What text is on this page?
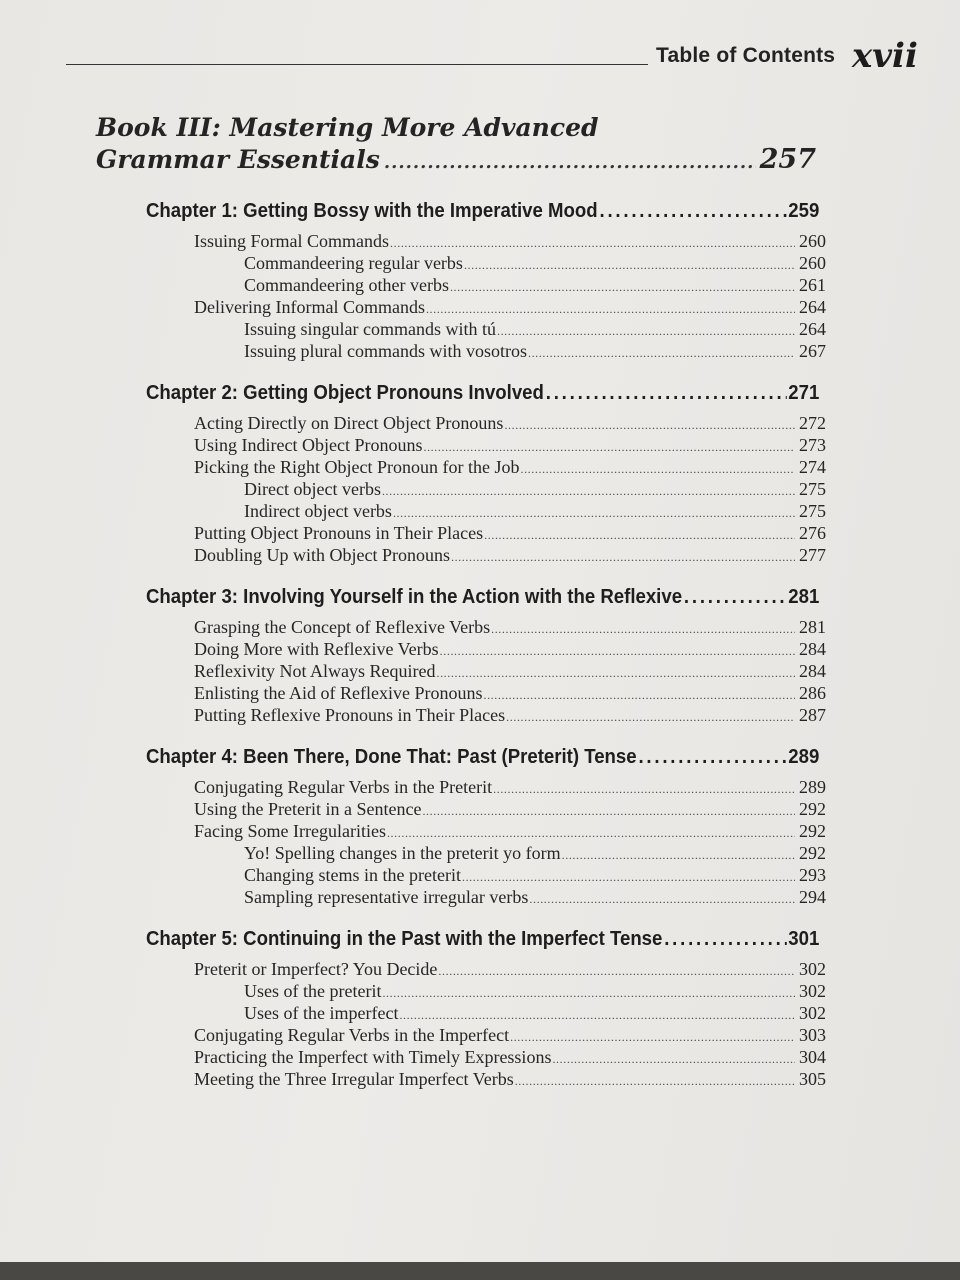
Table of Contents xvii
Book III: Mastering More Advanced
Grammar Essentials .....	257
Chapter 1: Getting Bossy with the Imperative Mood .....	259
Issuing Formal Commands .....	260
Commandeering regular verbs .....	260
Commandeering other verbs .....	261
Delivering Informal Commands .....	264
Issuing singular commands with tú .....	264
Issuing plural commands with vosotros .....	267
Chapter 2: Getting Object Pronouns Involved .....	271
Acting Directly on Direct Object Pronouns .....	272
Using Indirect Object Pronouns .....	273
Picking the Right Object Pronoun for the Job .....	274
Direct object verbs .....	275
Indirect object verbs .....	275
Putting Object Pronouns in Their Places .....	276
Doubling Up with Object Pronouns .....	277
Chapter 3: Involving Yourself in the Action with the Reflexive .....	281
Grasping the Concept of Reflexive Verbs .....	281
Doing More with Reflexive Verbs .....	284
Reflexivity Not Always Required .....	284
Enlisting the Aid of Reflexive Pronouns .....	286
Putting Reflexive Pronouns in Their Places .....	287
Chapter 4: Been There, Done That: Past (Preterit) Tense .....	289
Conjugating Regular Verbs in the Preterit .....	289
Using the Preterit in a Sentence .....	292
Facing Some Irregularities .....	292
Yo! Spelling changes in the preterit yo form .....	292
Changing stems in the preterit .....	293
Sampling representative irregular verbs .....	294
Chapter 5: Continuing in the Past with the Imperfect Tense .....	301
Preterit or Imperfect? You Decide .....	302
Uses of the preterit .....	302
Uses of the imperfect .....	302
Conjugating Regular Verbs in the Imperfect .....	303
Practicing the Imperfect with Timely Expressions .....	304
Meeting the Three Irregular Imperfect Verbs .....	305
